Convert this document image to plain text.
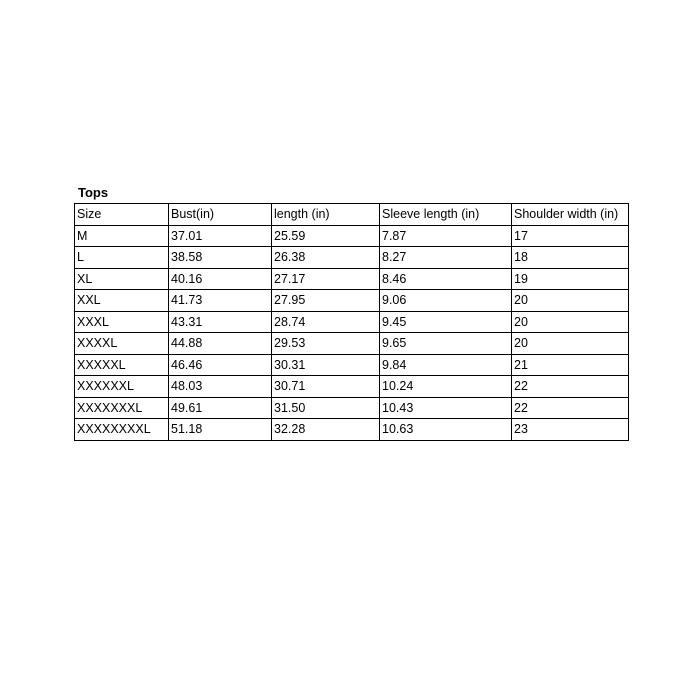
Tops
Size	Bust(in)	length (in)	Sleeve length (in)	Shoulder width (in)
M	37.01	25.59	7.87	17
L	38.58	26.38	8.27	18
XL	40.16	27.17	8.46	19
XXL	41.73	27.95	9.06	20
XXXL	43.31	28.74	9.45	20
XXXXL	44.88	29.53	9.65	20
XXXXXL	46.46	30.31	9.84	21
XXXXXXL	48.03	30.71	10.24	22
XXXXXXXL	49.61	31.50	10.43	22
XXXXXXXXL	51.18	32.28	10.63	23
